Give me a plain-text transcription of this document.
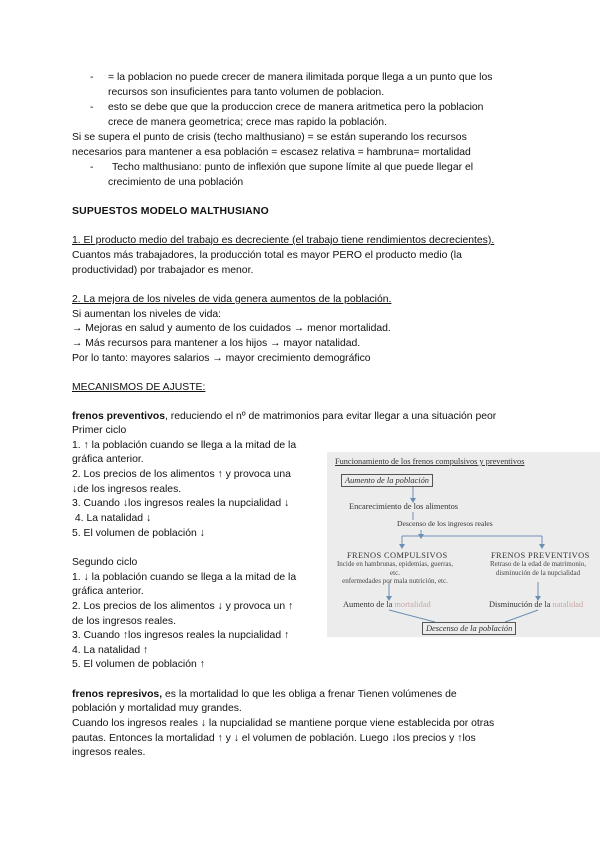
- = la poblacion no puede crecer de manera ilimitada porque llega a un punto que los
recursos son insuficientes para tanto volumen de poblacion.
- esto se debe que que la produccion crece de manera aritmetica pero la poblacion
crece de manera geometrica; crece mas rapido la población.
Si se supera el punto de crisis (techo malthusiano) = se están superando los recursos
necesarios para mantener a esa población = escasez relativa = hambruna= mortalidad
- Techo malthusiano: punto de inflexión que supone límite al que puede llegar el
crecimiento de una población
SUPUESTOS MODELO MALTHUSIANO
1. El producto medio del trabajo es decreciente (el trabajo tiene rendimientos decrecientes).
Cuantos más trabajadores, la producción total es mayor PERO el producto medio (la
productividad) por trabajador es menor.
2. La mejora de los niveles de vida genera aumentos de la población.
Si aumentan los niveles de vida:
→ Mejoras en salud y aumento de los cuidados → menor mortalidad.
→ Más recursos para mantener a los hijos → mayor natalidad.
Por lo tanto: mayores salarios → mayor crecimiento demográfico
MECANISMOS DE AJUSTE:
frenos preventivos, reduciendo el nº de matrimonios para evitar llegar a una situación peor
Primer ciclo
1. ↑ la población cuando se llega a la mitad de la
gráfica anterior.
2. Los precios de los alimentos ↑ y provoca una
↓de los ingresos reales.
3. Cuando ↓los ingresos reales la nupcialidad ↓
4. La natalidad ↓
5. El volumen de población ↓
Segundo ciclo
1. ↓ la población cuando se llega a la mitad de la
gráfica anterior.
2. Los precios de los alimentos ↓ y provoca un ↑
de los ingresos reales.
3. Cuando ↑los ingresos reales la nupcialidad ↑
4. La natalidad ↑
5. El volumen de población ↑
frenos represivos, es la mortalidad lo que les obliga a frenar Tienen volúmenes de
población y mortalidad muy grandes.
Cuando los ingresos reales ↓ la nupcialidad se mantiene porque viene establecida por otras
pautas. Entonces la mortalidad ↑ y ↓ el volumen de población. Luego ↓los precios y ↑los
ingresos reales.
Funcionamiento de los frenos compulsivos y preventivos
Aumento de la población
Encarecimiento de los alimentos
Descenso de los ingresos reales
FRENOS COMPULSIVOS
Incide en hambrunas, epidemias, guerras, etc.
enfermedades por mala nutrición, etc.
FRENOS PREVENTIVOS
Retraso de la edad de matrimonio,
disminución de la nupcialidad
Aumento de la mortalidad	Disminución de la natalidad
Descenso de la población
